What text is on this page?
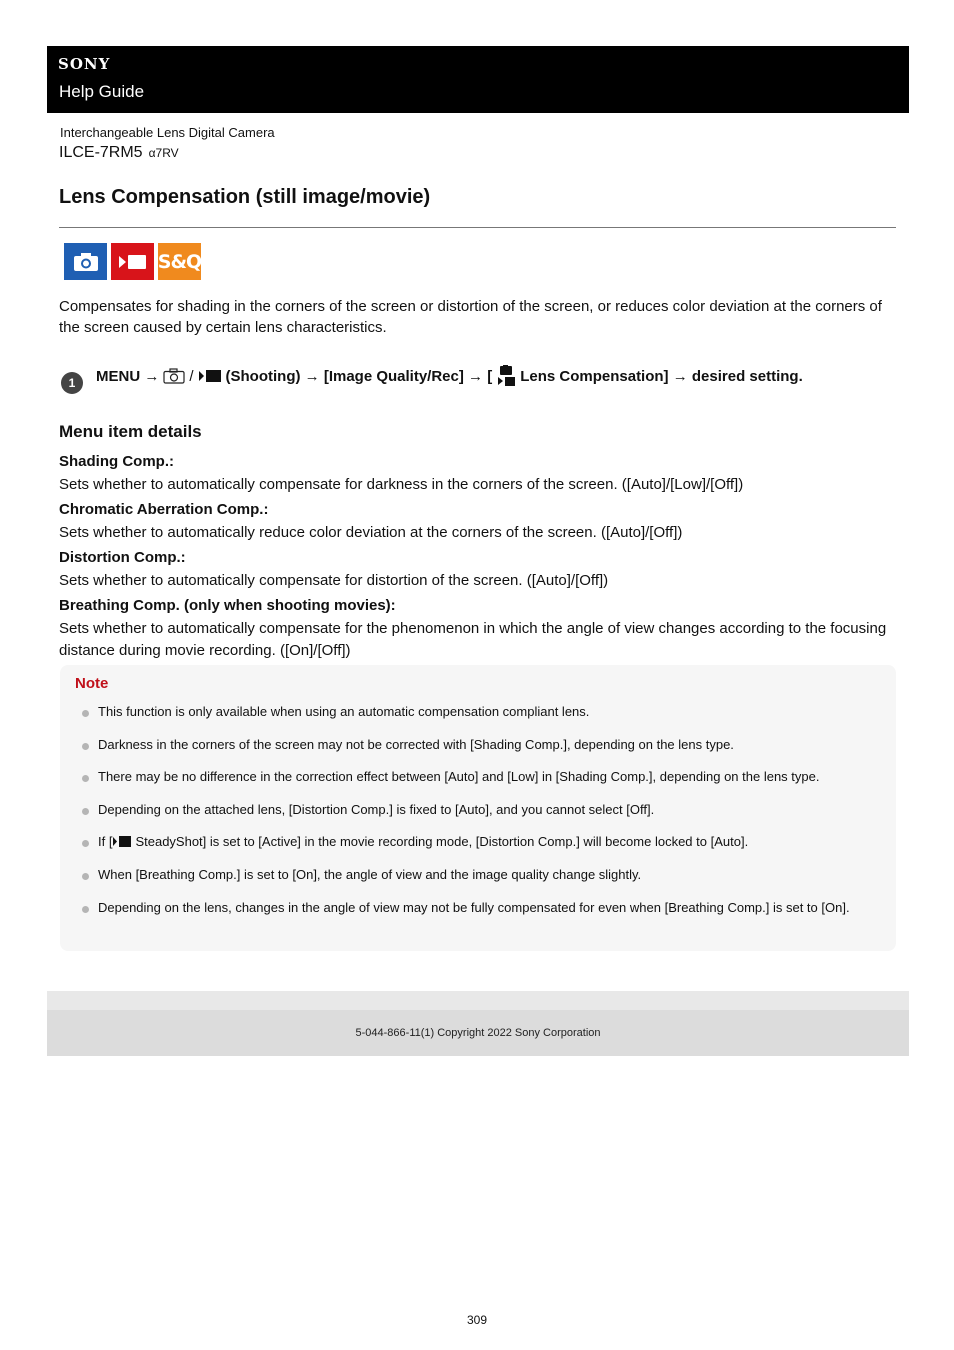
SONY
Help Guide
Interchangeable Lens Digital Camera
ILCE-7RM5 α7RV
Lens Compensation (still image/movie)
S&Q

Compensates for shading in the corners of the screen or distortion of the screen, or reduces color deviation at the corners of the screen caused by certain lens characteristics.

1	MENU → / (Shooting) → [Image Quality/Rec] → [ Lens Compensation] → desired setting.
Menu item details

Shading Comp.:

Sets whether to automatically compensate for darkness in the corners of the screen. ([Auto]/[Low]/[Off])

Chromatic Aberration Comp.:

Sets whether to automatically reduce color deviation at the corners of the screen. ([Auto]/[Off])

Distortion Comp.:

Sets whether to automatically compensate for distortion of the screen. ([Auto]/[Off])

Breathing Comp. (only when shooting movies):

Sets whether to automatically compensate for the phenomenon in which the angle of view changes according to the focusing distance during movie recording. ([On]/[Off])

Note
This function is only available when using an automatic compensation compliant lens.
Darkness in the corners of the screen may not be corrected with [Shading Comp.], depending on the lens type.
There may be no difference in the correction effect between [Auto] and [Low] in [Shading Comp.], depending on the lens type.
Depending on the attached lens, [Distortion Comp.] is fixed to [Auto], and you cannot select [Off].
If [ SteadyShot] is set to [Active] in the movie recording mode, [Distortion Comp.] will become locked to [Auto].
When [Breathing Comp.] is set to [On], the angle of view and the image quality change slightly.
Depending on the lens, changes in the angle of view may not be fully compensated for even when [Breathing Comp.] is set to [On].
5-044-866-11(1) Copyright 2022 Sony Corporation
309
